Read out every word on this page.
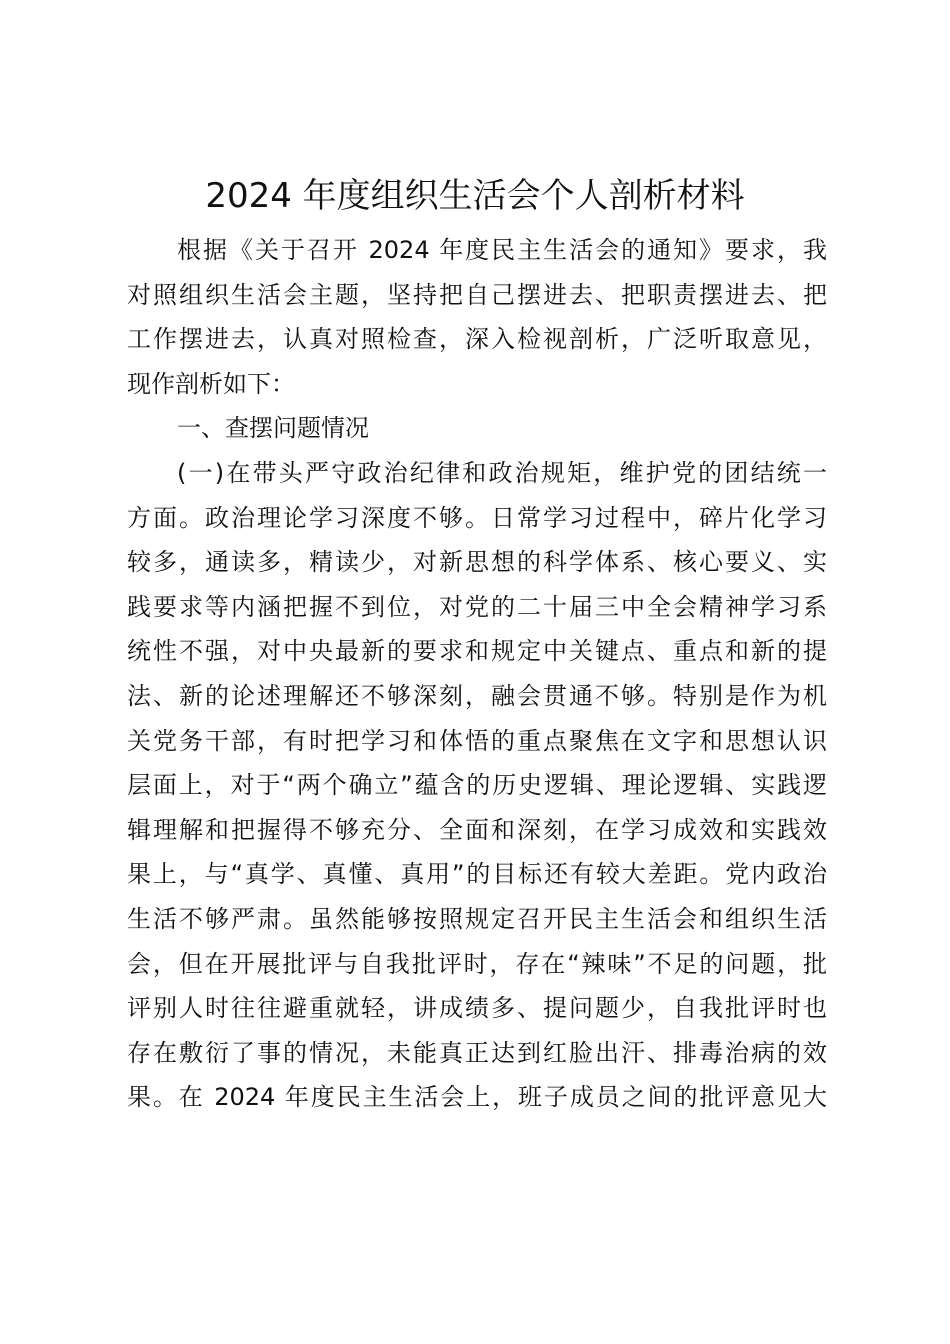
2024 年度组织生活会个人剖析材料
根据《关于召开 2024 年度民主生活会的通知》要求，我
对照组织生活会主题，坚持把自己摆进去、把职责摆进去、把
工作摆进去，认真对照检查，深入检视剖析，广泛听取意见，
现作剖析如下：
一、查摆问题情况
(一)在带头严守政治纪律和政治规矩，维护党的团结统一
方面。政治理论学习深度不够。日常学习过程中，碎片化学习
较多，通读多，精读少，对新思想的科学体系、核心要义、实
践要求等内涵把握不到位，对党的二十届三中全会精神学习系
统性不强，对中央最新的要求和规定中关键点、重点和新的提
法、新的论述理解还不够深刻，融会贯通不够。特别是作为机
关党务干部，有时把学习和体悟的重点聚焦在文字和思想认识
层面上，对于“两个确立”蕴含的历史逻辑、理论逻辑、实践逻
辑理解和把握得不够充分、全面和深刻，在学习成效和实践效
果上，与“真学、真懂、真用”的目标还有较大差距。党内政治
生活不够严肃。虽然能够按照规定召开民主生活会和组织生活
会，但在开展批评与自我批评时，存在“辣味”不足的问题，批
评别人时往往避重就轻，讲成绩多、提问题少，自我批评时也
存在敷衍了事的情况，未能真正达到红脸出汗、排毒治病的效
果。在 2024 年度民主生活会上，班子成员之间的批评意见大
